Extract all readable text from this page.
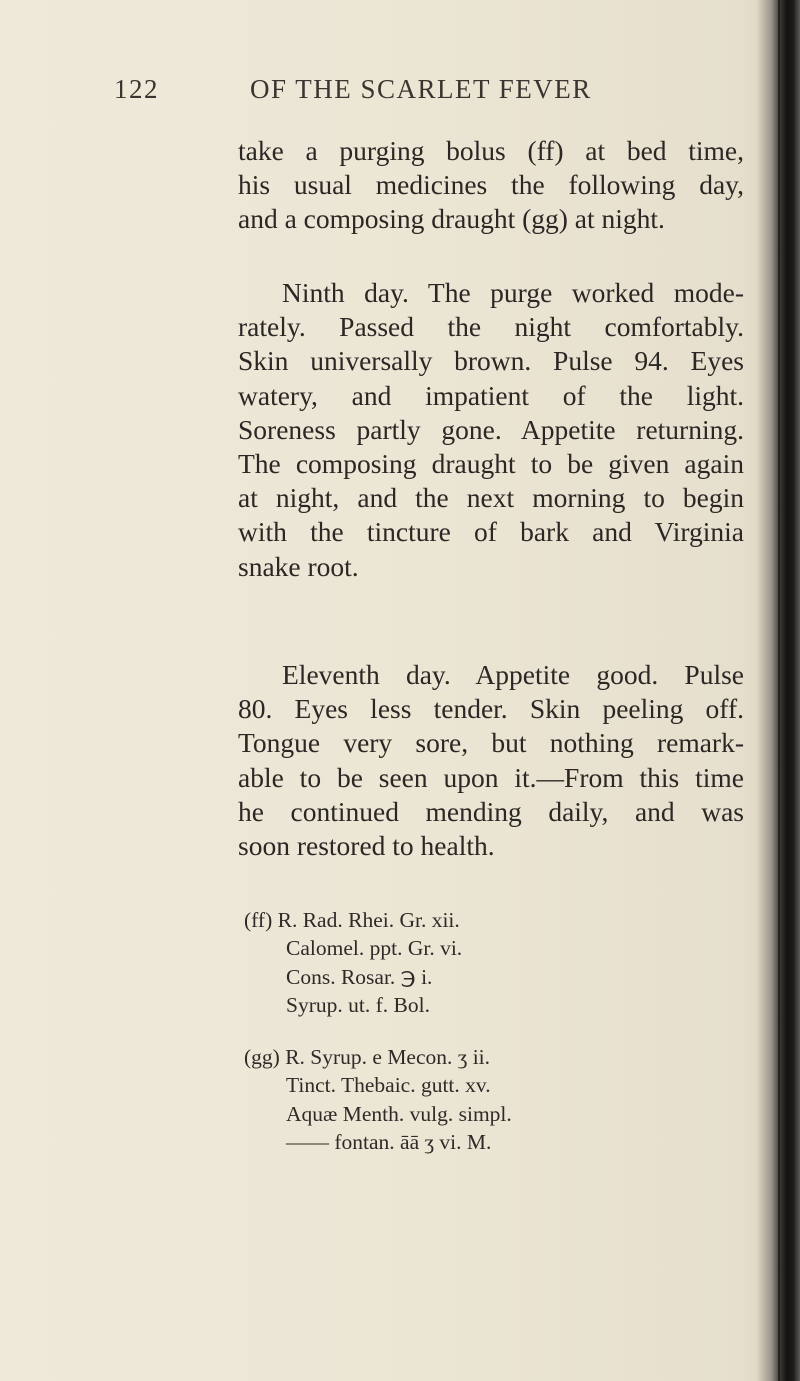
122	OF THE SCARLET FEVER

take a purging bolus (ff) at bed time,
his usual medicines the following day,
and a composing draught (gg) at night.

Ninth day. The purge worked mode-
rately. Passed the night comfortably.
Skin universally brown. Pulse 94. Eyes
watery, and impatient of the light.
Soreness partly gone. Appetite returning.
The composing draught to be given again
at night, and the next morning to begin
with the tincture of bark and Virginia
snake root.

Eleventh day. Appetite good. Pulse
80. Eyes less tender. Skin peeling off.
Tongue very sore, but nothing remark-
able to be seen upon it.—From this time
he continued mending daily, and was
soon restored to health.

(ff) R. Rad. Rhei. Gr. xii.
Calomel. ppt. Gr. vi.
Cons. Rosar. ℈ i.
Syrup. ut. f. Bol.
(gg) R. Syrup. e Mecon. ʒ ii.
Tinct. Thebaic. gutt. xv.
Aquæ Menth. vulg. simpl.
—— fontan. āā ʒ vi. M.
